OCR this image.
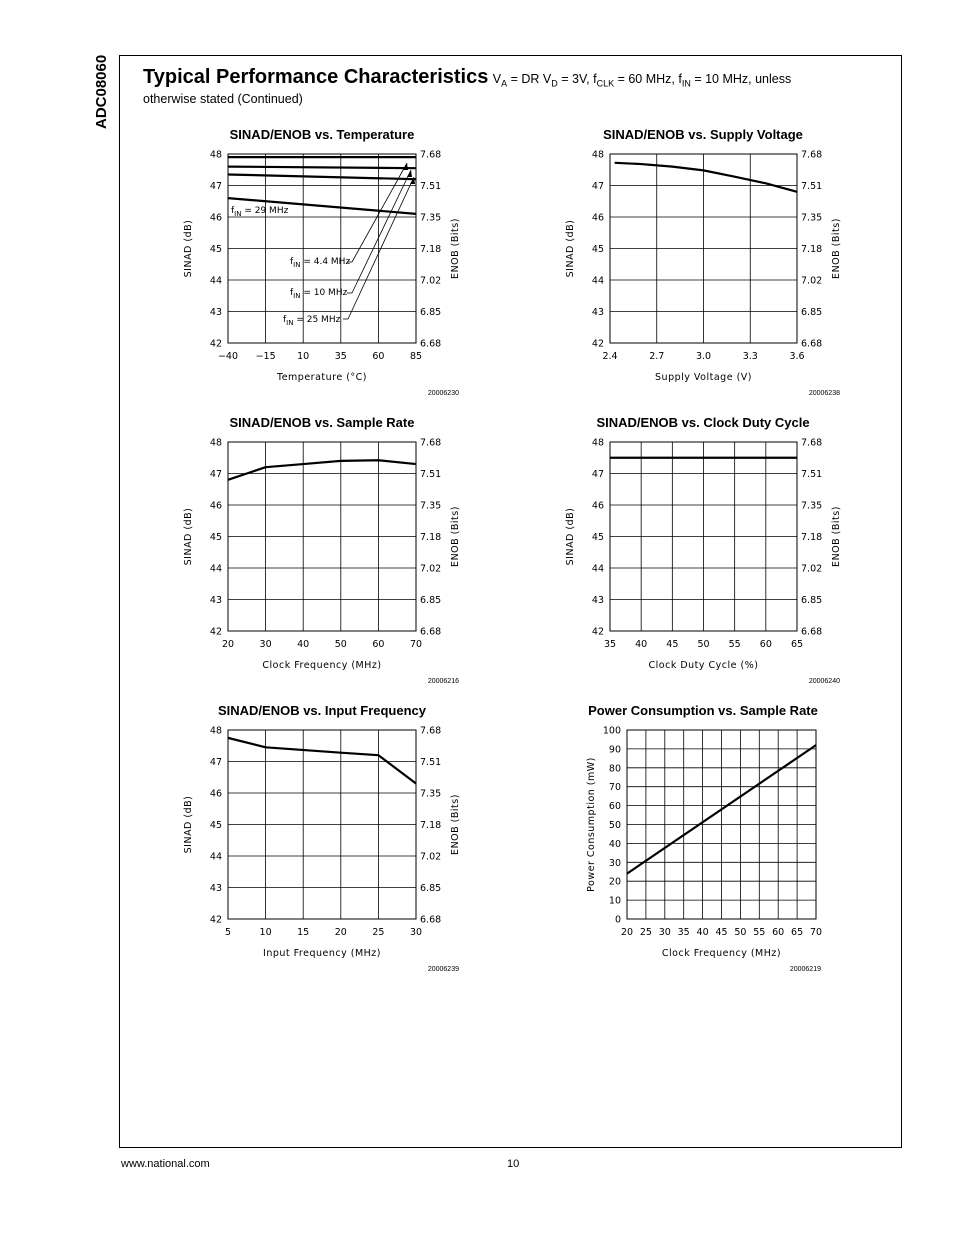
ADC08060 Typical Performance Characteristics $V_A$ = DR $V_D = 3V$, $f_{CLK} = 60$ MHz, $f_{IN} = 10$ MHz, unless
otherwise stated (Continued)
SINAD/ENOB vs. Temperature
−40 −15 10	35	60	85
42
43
44
45
46
47
48
6.68
6.85
7.02
7.18
7.35
7.51
7.68
Temperature (°C)
SINAD (dB)	ENOB (Bits)
20006230
$f_{IN} = 29$ MHz
$f_{IN} = 4.4$ MHz
$f_{IN} = 10$ MHz
$f_{IN} = 25$ MHz
SINAD/ENOB vs. Supply Voltage
2.4	2.7	3.0	3.3	3.6
42
43
44
45
46
47
48
6.68
6.85
7.02
7.18
7.35
7.51
7.68
Supply Voltage (V)
SINAD (dB)	ENOB (Bits)
20006238
SINAD/ENOB vs. Sample Rate
20	30	40	50	60	70
42
43
44
45
46
47
48
6.68
6.85
7.02
7.18
7.35
7.51
7.68
Clock Frequency (MHz)
SINAD (dB)	ENOB (Bits)
20006216
SINAD/ENOB vs. Clock Duty Cycle
35 40 45 50 55 60 65
42
43
44
45
46
47
48
6.68
6.85
7.02
7.18
7.35
7.51
7.68
Clock Duty Cycle (%)
SINAD (dB)	ENOB (Bits)
20006240
SINAD/ENOB vs. Input Frequency
5	10	15	20	25	30
42
43
44
45
46
47
48
6.68
6.85
7.02
7.18
7.35
7.51
7.68
Input Frequency (MHz)
SINAD (dB)	ENOB (Bits)
20006239
Power Consumption vs. Sample Rate
20 25 30 35 40 45 50 55 60 65 70
0
10
20
30
40
50
60
70
80
90
100
Clock Frequency (MHz)
Power Consumption (mW)
20006219
www.national.com	10
